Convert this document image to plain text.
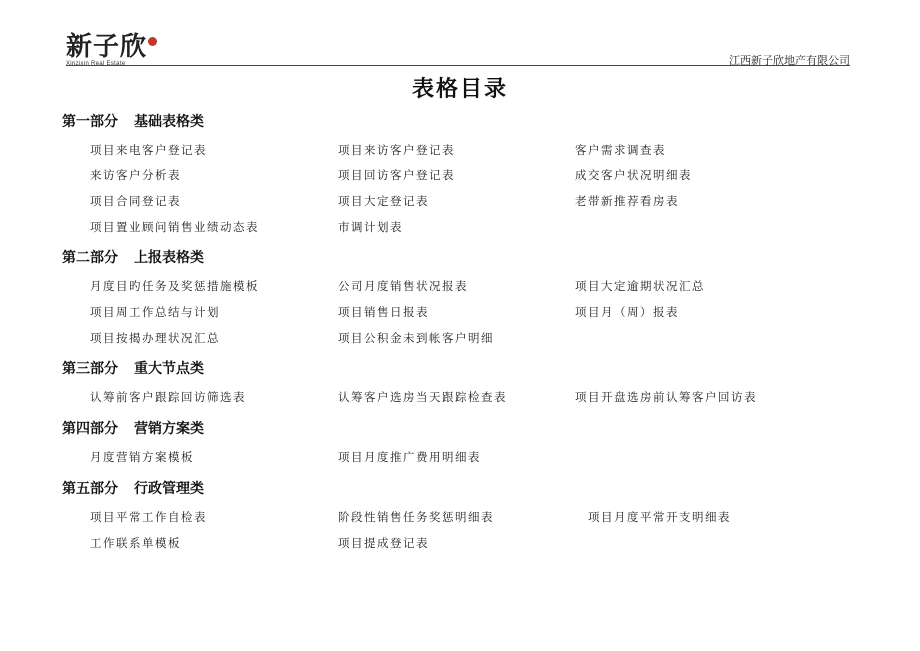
新子欣
Xinzixin Real Estate	江西新子欣地产有限公司
表格目录
第一部分 基础表格类
项目来电客户登记表	项目来访客户登记表	客户需求调查表
来访客户分析表	项目回访客户登记表	成交客户状况明细表
项目合同登记表	项目大定登记表	老带新推荐看房表
项目置业顾问销售业绩动态表	市调计划表
第二部分 上报表格类
月度目旳任务及奖惩措施模板	公司月度销售状况报表	项目大定逾期状况汇总
项目周工作总结与计划	项目销售日报表	项目月（周）报表
项目按揭办理状况汇总	项目公积金未到帐客户明细
第三部分 重大节点类
认筹前客户跟踪回访筛选表	认筹客户选房当天跟踪检查表	项目开盘选房前认筹客户回访表
第四部分 营销方案类
月度营销方案模板	项目月度推广费用明细表
第五部分 行政管理类
项目平常工作自检表	阶段性销售任务奖惩明细表	项目月度平常开支明细表
工作联系单模板	项目提成登记表
